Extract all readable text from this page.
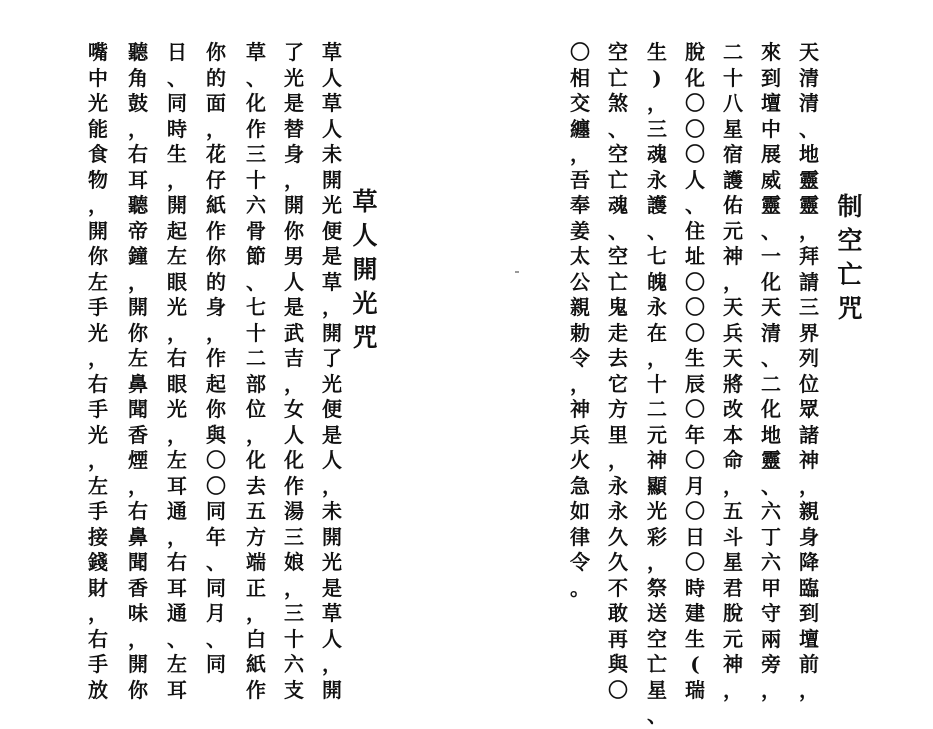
草
人
開
光
咒
草
人
草
人
未
開
光
便
是
草
，
開
了
光
便
是
人
，
未
開
光
是
草
人
，
開
了
光
是
替
身
，
開
你
男
人
是
武
吉
，
女
人
化
作
湯
三
娘
，
三
十
六
支
草
、
化
作
三
十
六
骨
節
、
七
十
二
部
位
，
化
去
五
方
端
正
，
白
紙
作
你
的
面
，
花
仔
紙
作
你
的
身
，
作
起
你
與
〇
〇
同
年
、
同
月
、
同
日
、
同
時
生
，
開
起
左
眼
光
，
右
眼
光
，
左
耳
通
，
右
耳
通
、
左
耳
聽
角
鼓
，
右
耳
聽
帝
鐘
，
開
你
左
鼻
聞
香
煙
，
右
鼻
聞
香
味
，
開
你
嘴
中
光
能
食
物
，
開
你
左
手
光
，
右
手
光
，
左
手
接
錢
財
，
右
手
放
制
空
亡
咒
天
清
清
、
地
靈
靈
，
拜
請
三
界
列
位
眾
諸
神
，
親
身
降
臨
到
壇
前
，
來
到
壇
中
展
威
靈
、
一
化
天
清
、
二
化
地
靈
、
六
丁
六
甲
守
兩
旁
，
二
十
八
星
宿
護
佑
元
神
，
天
兵
天
將
改
本
命
，
五
斗
星
君
脫
元
神
，
脫
化
〇
〇
〇
人
、
住
址
〇
〇
〇
生
辰
〇
年
〇
月
〇
日
〇
時
建
生
(
瑞
生
)
，
三
魂
永
護
、
七
魄
永
在
，
十
二
元
神
顯
光
彩
，
祭
送
空
亡
星
、
空
亡
煞
、
空
亡
魂
、
空
亡
鬼
走
去
它
方
里
，
永
永
久
久
不
敢
再
與
〇
〇
相
交
纏
，
吾
奉
姜
太
公
親
勅
令
，
神
兵
火
急
如
律
令
。
